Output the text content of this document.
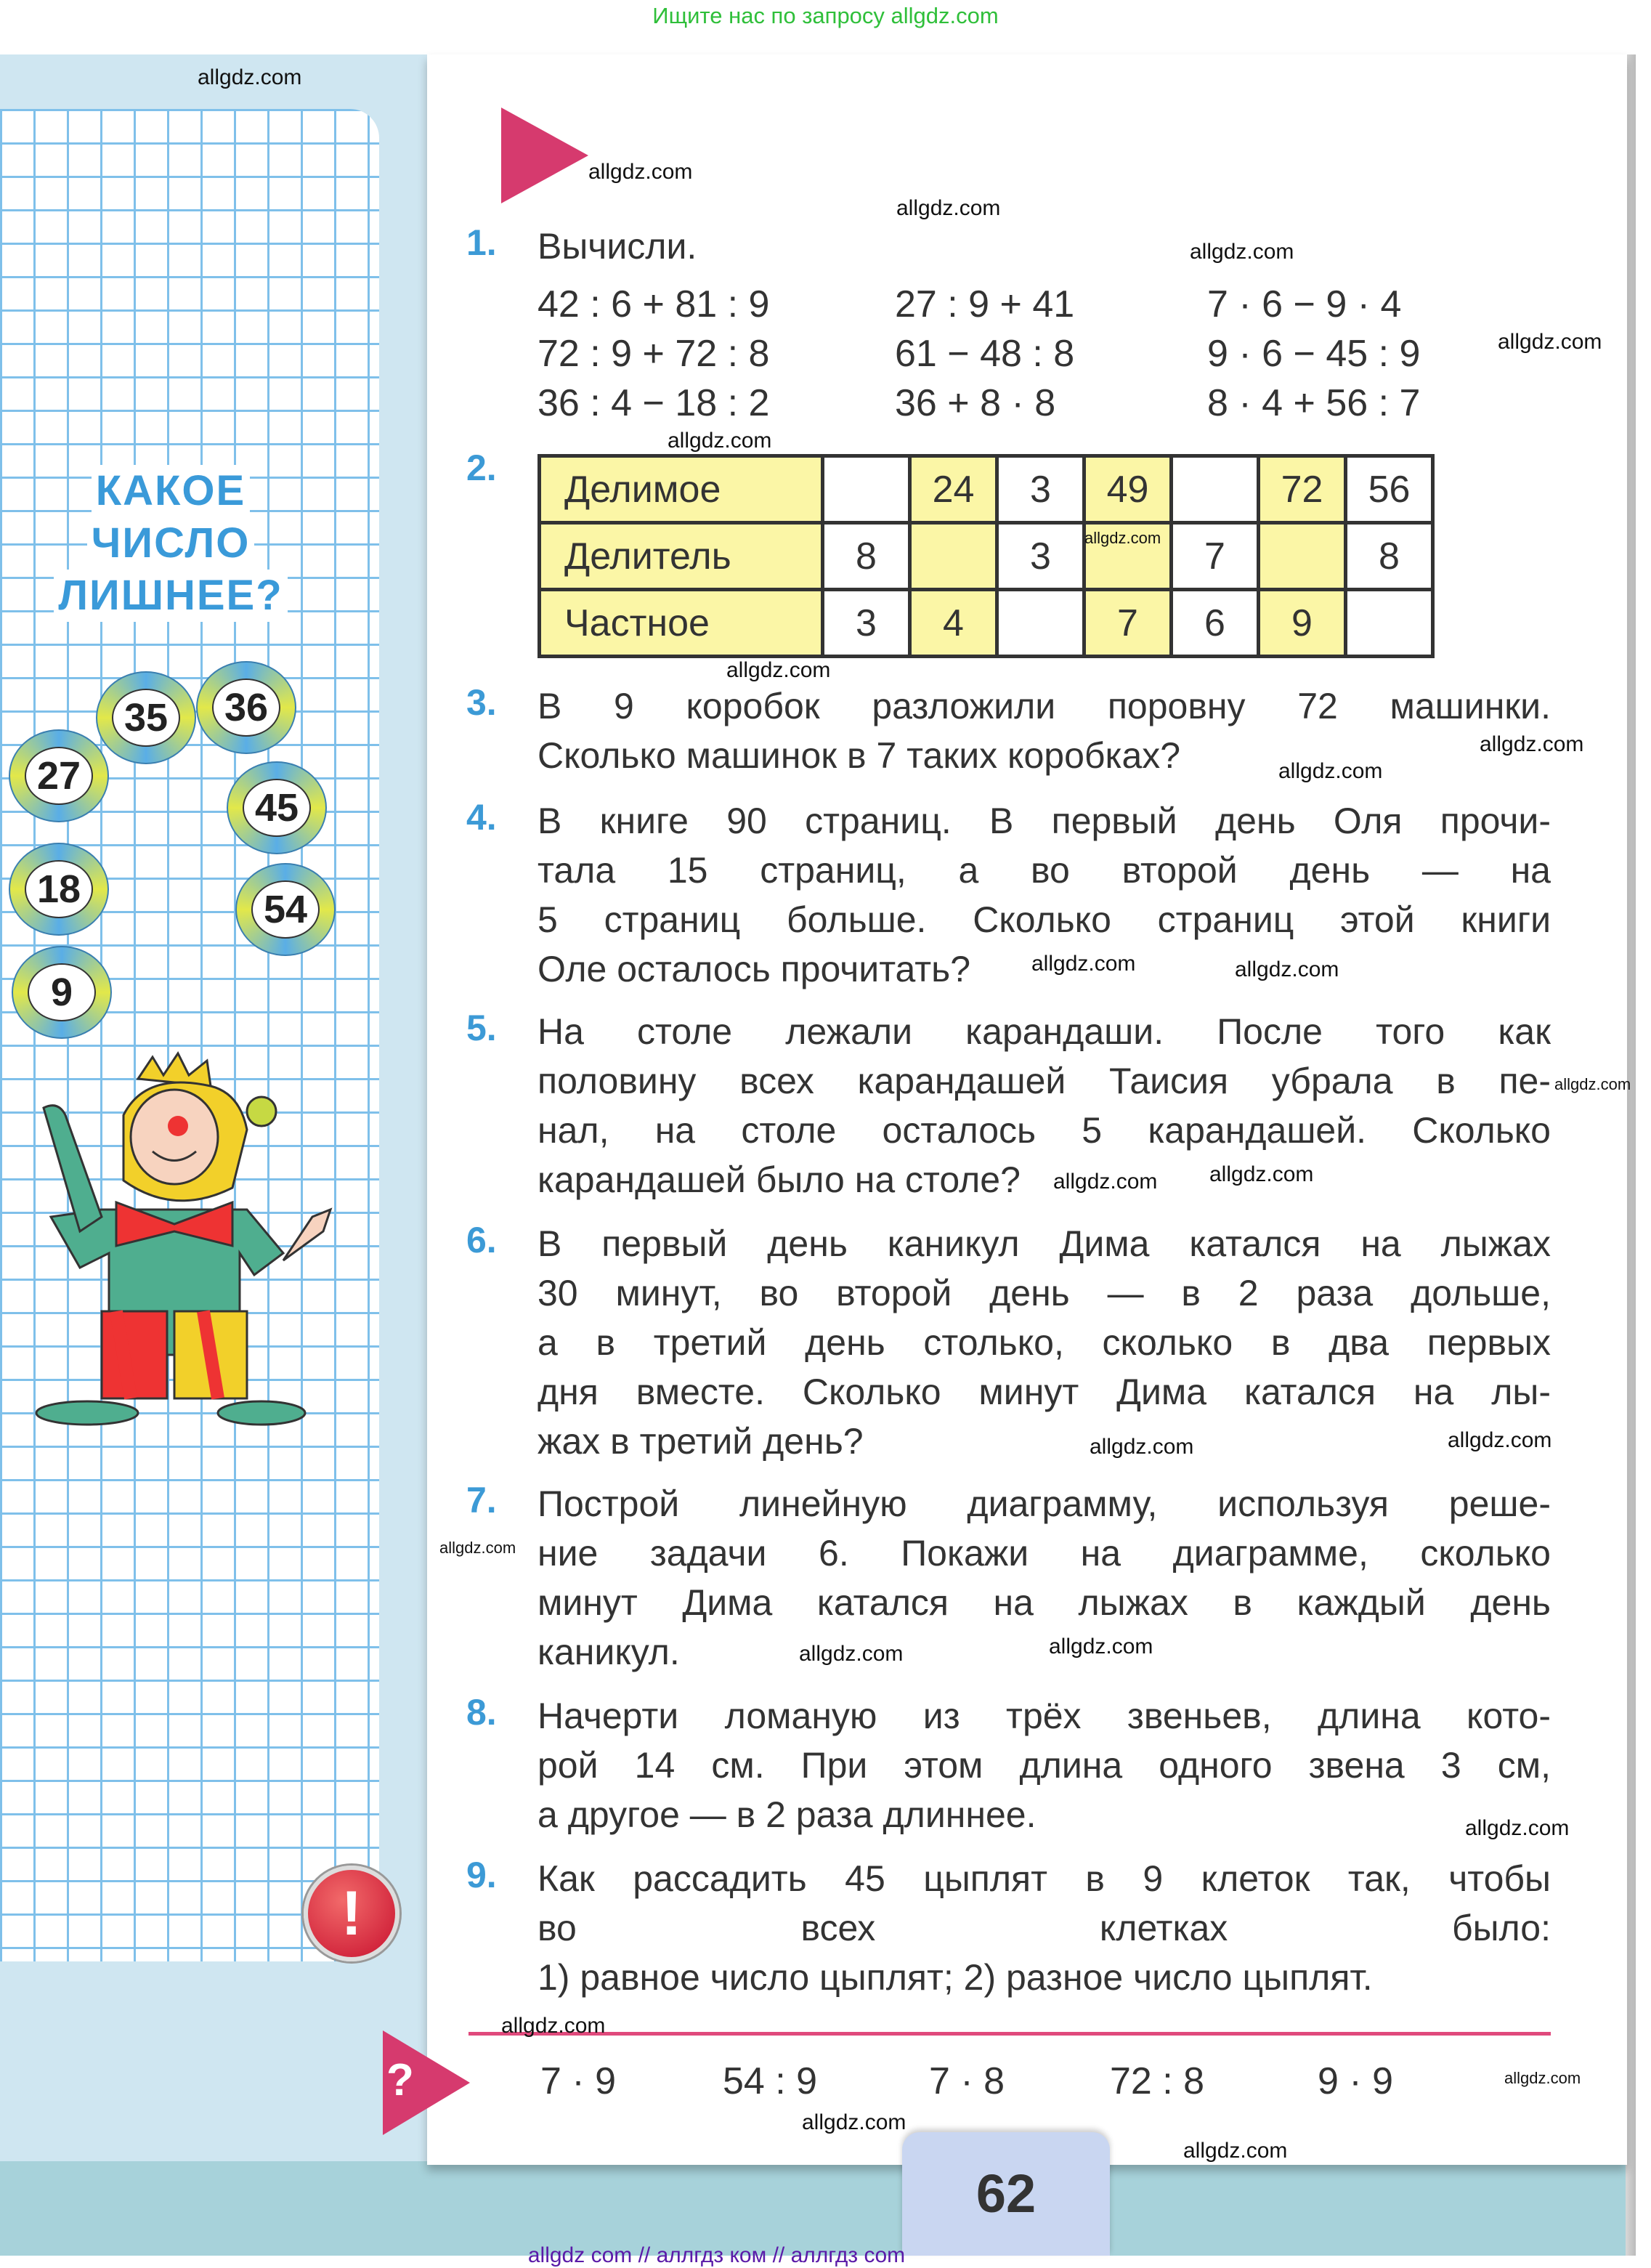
Ищите нас по запросу allgdz.com
КАКОЕ
ЧИСЛО
ЛИШНЕЕ?
35	36
27
45
18	54
9
1. Вычисли.
42 : 6 + 81 : 9
72 : 9 + 72 : 8
36 : 4 − 18 : 2
27 : 9 + 41
61 − 48 : 8
36 + 8 · 8
7 · 6 − 9 · 4
9 · 6 − 45 : 9
8 · 4 + 56 : 7
2.
Делимое		24	3	49		72	56
Делитель	8		3		7		8
Частное	3	4		7	6	9	
3. В 9 коробок разложили поровну 72 машинки.
Сколько машинок в 7 таких коробках?
4. В книге 90 страниц. В первый день Оля прочи-
тала 15 страниц, а во второй день — на
5 страниц больше. Сколько страниц этой книги
Оле осталось прочитать?
5. На столе лежали карандаши. После того как
половину всех карандашей Таисия убрала в пе-
нал, на столе осталось 5 карандашей. Сколько
карандашей было на столе?
6. В первый день каникул Дима катался на лыжах
30 минут, во второй день — в 2 раза дольше,
а в третий день столько, сколько в два первых
дня вместе. Сколько минут Дима катался на лы-
жах в третий день?
7. Построй линейную диаграмму, используя реше-
ние задачи 6. Покажи на диаграмме, сколько
минут Дима катался на лыжах в каждый день
каникул.
8. Начерти ломаную из трёх звеньев, длина кото-
рой 14 см. При этом длина одного звена 3 см,
а другое — в 2 раза длиннее.
9. Как рассадить 45 цыплят в 9 клеток так, чтобы
во всех клетках было:
1) равное число цыплят; 2) разное число цыплят.
!
?	7 · 9	54 : 9	7 · 8	72 : 8	9 · 9
62
allgdz.com
allgdz.com
allgdz.com
allgdz.com
allgdz.com
allgdz.com
allgdz.com
allgdz.com
allgdz.com
allgdz.com
allgdz.com	allgdz.com
allgdz.com
allgdz.com
allgdz.com
allgdz.com
allgdz.com
allgdz.com
allgdz.com
allgdz.com
allgdz.com
allgdz.com
allgdz.com
allgdz.com
allgdz.com
allgdz com // аллгдз ком // аллгдз com
